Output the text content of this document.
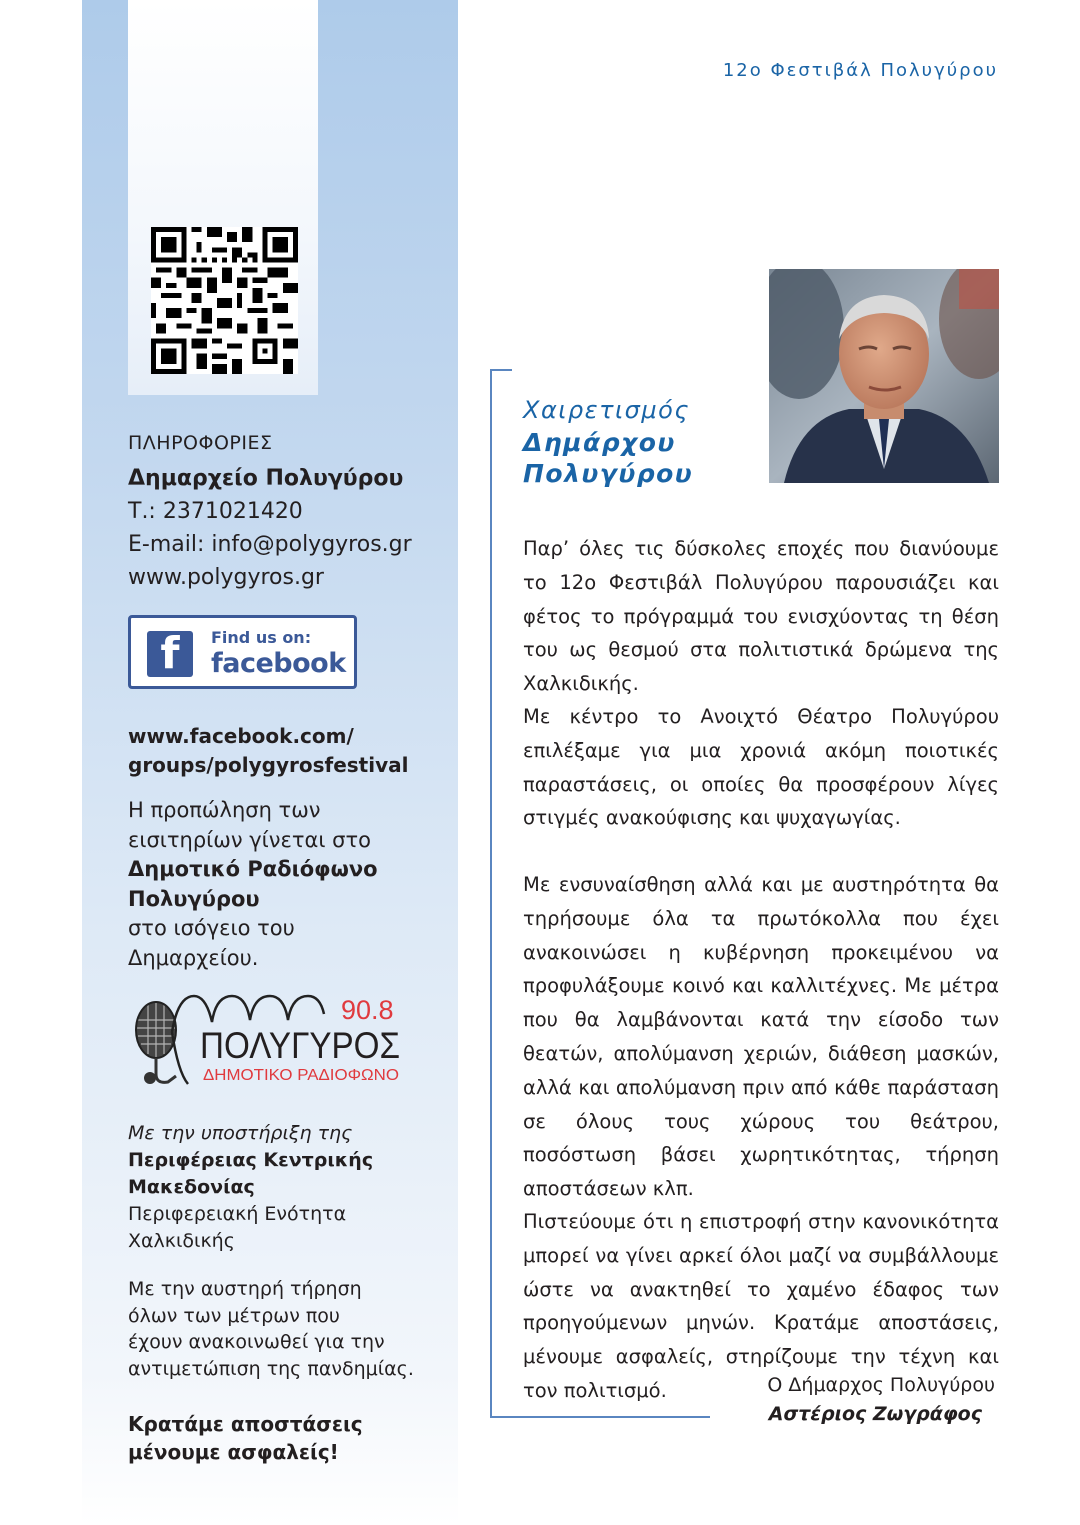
ΠΛΗΡΟΦΟΡΙΕΣ
Δημαρχείο Πολυγύρου
Τ.: 2371021420
E-mail: info@polygyros.gr
www.polygyros.gr
f	Find us on:
facebook
www.facebook.com/
groups/polygyrosfestival
Η προπώληση των
εισιτηρίων γίνεται στο
Δημοτικό Ραδιόφωνο
Πολυγύρου
στο ισόγειο του
Δημαρχείου.
90.8
ΠΟΛΥΓΥΡΟΣ
ΔΗΜΟΤΙΚΟ ΡΑΔΙΟΦΩΝΟ
Με την υποστήριξη της
Περιφέρειας Κεντρικής
Μακεδονίας
Περιφερειακή Ενότητα
Χαλκιδικής
Με την αυστηρή τήρηση
όλων των μέτρων που
έχουν ανακοινωθεί για την
αντιμετώπιση της πανδημίας.
Κρατάμε αποστάσεις
μένουμε ασφαλείς!
12ο Φεστιβάλ Πολυγύρου
Χαιρετισμός
Δημάρχου
Πολυγύρου
Παρ’ όλες τις δύσκολες εποχές που διανύουμε το 12ο Φεστιβάλ Πολυγύρου παρουσιάζει και φέτος το πρόγραμμά του ενισχύοντας τη θέση του ως θεσμού στα πολιτιστικά δρώμενα της Χαλκιδικής.
Με κέντρο το Ανοιχτό Θέατρο Πολυγύρου επιλέξαμε για μια χρονιά ακόμη ποιοτικές παραστάσεις, οι οποίες θα προσφέρουν λίγες στιγμές ανακούφισης και ψυχαγωγίας.
Με ενσυναίσθηση αλλά και με αυστηρότητα θα τηρήσουμε όλα τα πρωτόκολλα που έχει ανακοινώσει η κυβέρνηση προκειμένου να προφυλάξουμε κοινό και καλλιτέχνες. Με μέτρα που θα λαμβάνονται κατά την είσοδο των θεατών, απολύμανση χεριών, διάθεση μασκών, αλλά και απολύμανση πριν από κάθε παράσταση σε όλους τους χώρους του θεάτρου, ποσόστωση βάσει χωρητικότητας, τήρηση αποστάσεων κλπ.
Πιστεύουμε ότι η επιστροφή στην κανονικότητα μπορεί να γίνει αρκεί όλοι μαζί να συμβάλλουμε ώστε να ανακτηθεί το χαμένο έδαφος των προηγούμενων μηνών. Κρατάμε αποστάσεις, μένουμε ασφαλείς, στηρίζουμε την τέχνη και τον πολιτισμό.	Ο Δήμαρχος Πολυγύρου
Αστέριος Ζωγράφος
